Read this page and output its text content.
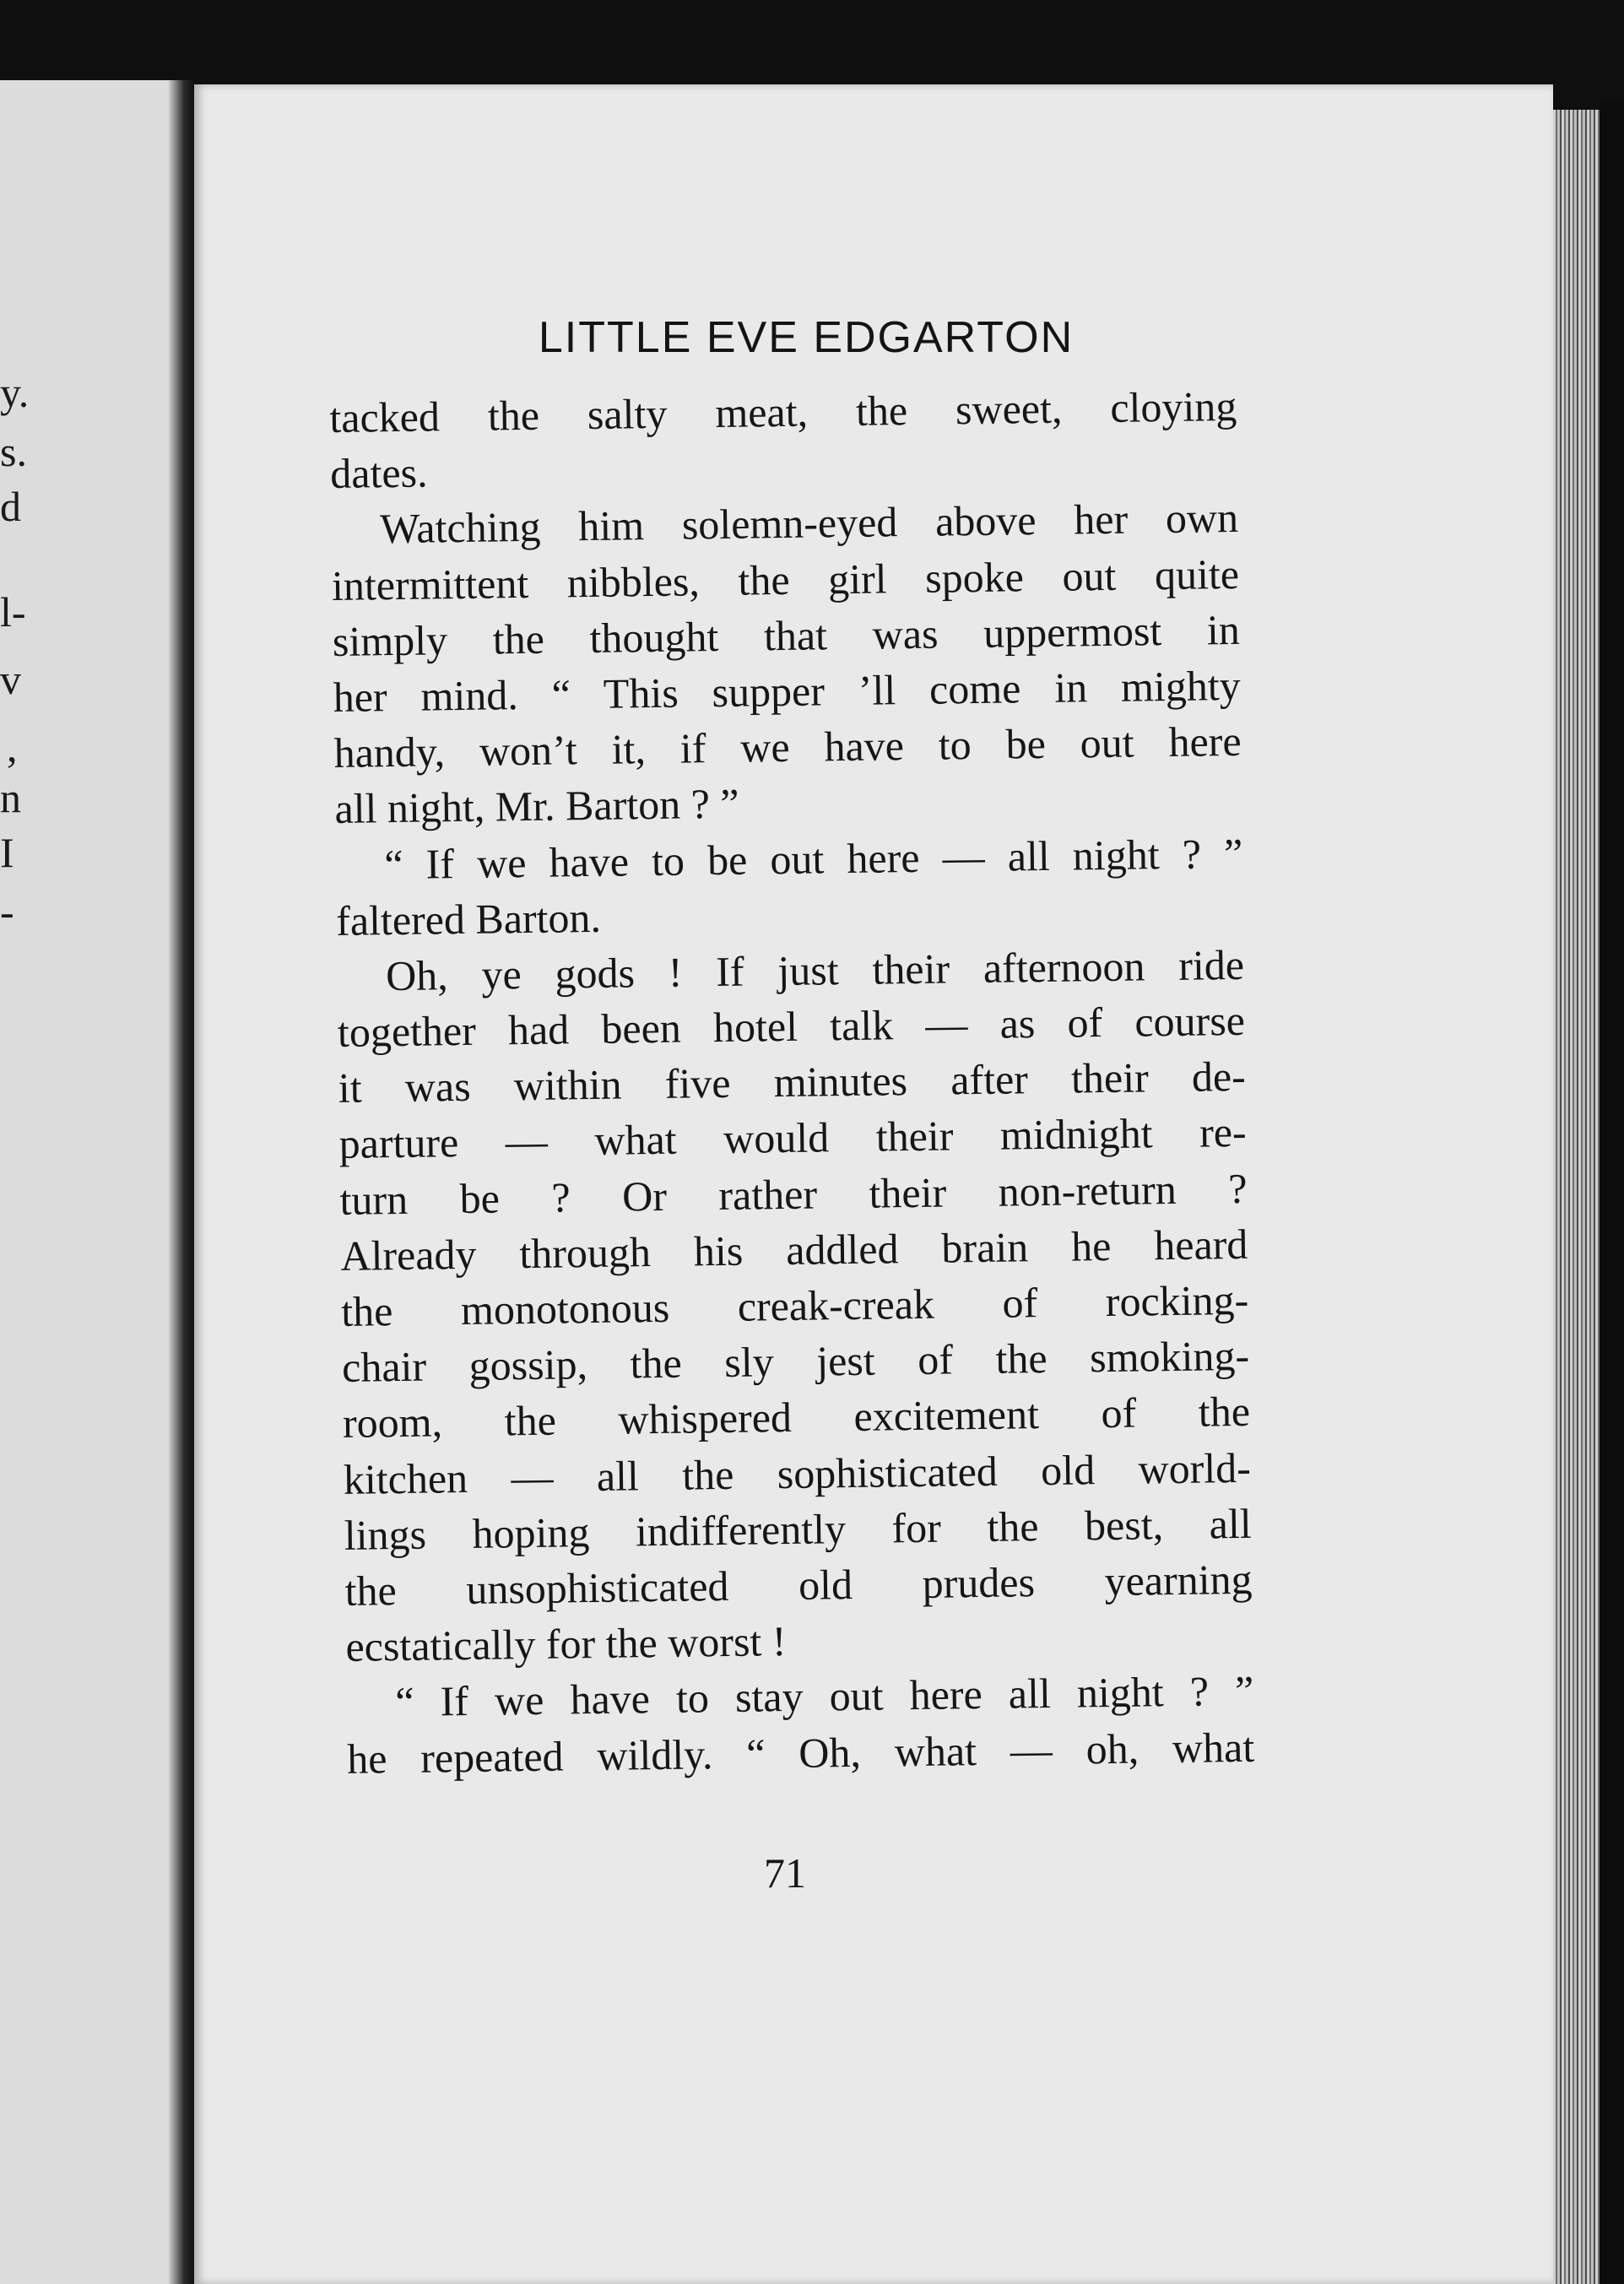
y.
s.
d
l-
v
,
n
I
-
LITTLE EVE EDGARTON
tacked the salty meat, the sweet, cloying
dates.
Watching him solemn-eyed above her own
intermittent nibbles, the girl spoke out quite
simply the thought that was uppermost in
her mind. “ This supper ’ll come in mighty
handy, won’t it, if we have to be out here
all night, Mr. Barton ? ”
“ If we have to be out here — all night ? ”
faltered Barton.
Oh, ye gods ! If just their afternoon ride
together had been hotel talk — as of course
it was within five minutes after their de-
parture — what would their midnight re-
turn be ? Or rather their non-return ?
Already through his addled brain he heard
the monotonous creak-creak of rocking-
chair gossip, the sly jest of the smoking-
room, the whispered excitement of the
kitchen — all the sophisticated old world-
lings hoping indifferently for the best, all
the unsophisticated old prudes yearning
ecstatically for the worst !
“ If we have to stay out here all night ? ”
he repeated wildly. “ Oh, what — oh, what
71
